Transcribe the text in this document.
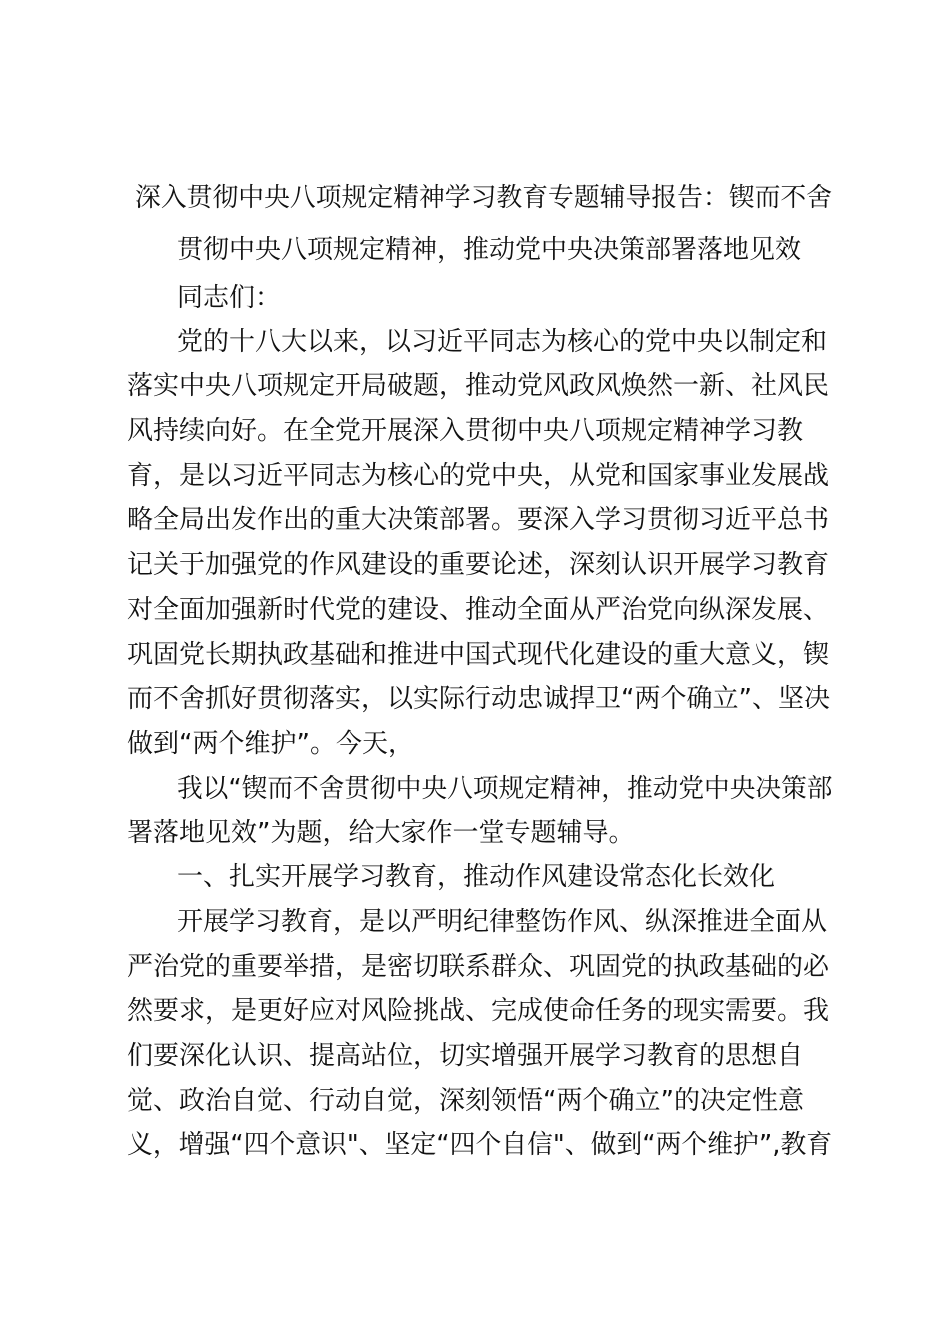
深入贯彻中央八项规定精神学习教育专题辅导报告：锲而不舍
贯彻中央八项规定精神，推动党中央决策部署落地见效
同志们：
党的十八大以来，以习近平同志为核心的党中央以制定和
落实中央八项规定开局破题，推动党风政风焕然一新、社风民
风持续向好。在全党开展深入贯彻中央八项规定精神学习教
育，是以习近平同志为核心的党中央，从党和国家事业发展战
略全局出发作出的重大决策部署。要深入学习贯彻习近平总书
记关于加强党的作风建设的重要论述，深刻认识开展学习教育
对全面加强新时代党的建设、推动全面从严治党向纵深发展、
巩固党长期执政基础和推进中国式现代化建设的重大意义，锲
而不舍抓好贯彻落实，以实际行动忠诚捍卫“两个确立”、坚决
做到“两个维护”。今天，
我以“锲而不舍贯彻中央八项规定精神，推动党中央决策部
署落地见效”为题，给大家作一堂专题辅导。
一、扎实开展学习教育，推动作风建设常态化长效化
开展学习教育，是以严明纪律整饬作风、纵深推进全面从
严治党的重要举措，是密切联系群众、巩固党的执政基础的必
然要求，是更好应对风险挑战、完成使命任务的现实需要。我
们要深化认识、提高站位，切实增强开展学习教育的思想自
觉、政治自觉、行动自觉，深刻领悟“两个确立”的决定性意
义，增强“四个意识"、坚定“四个自信"、做到“两个维护”,教育
